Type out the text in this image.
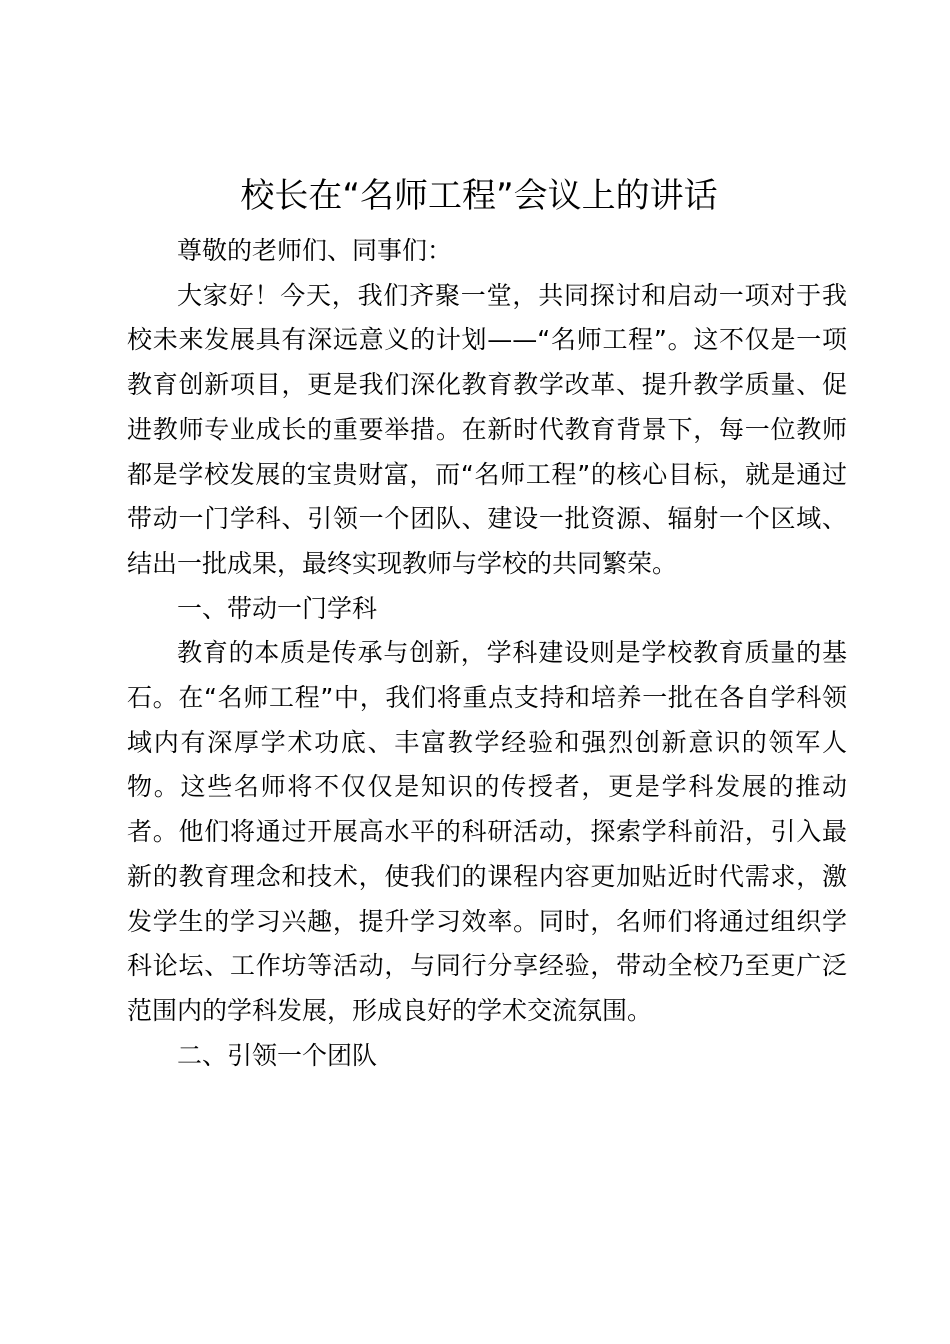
校长在“名师工程”会议上的讲话

尊敬的老师们、同事们：

大家好！今天，我们齐聚一堂，共同探讨和启动一项对于我校未来发展具有深远意义的计划——“名师工程”。这不仅是一项教育创新项目，更是我们深化教育教学改革、提升教学质量、促进教师专业成长的重要举措。在新时代教育背景下，每一位教师都是学校发展的宝贵财富，而“名师工程”的核心目标，就是通过带动一门学科、引领一个团队、建设一批资源、辐射一个区域、结出一批成果，最终实现教师与学校的共同繁荣。

一、带动一门学科

教育的本质是传承与创新，学科建设则是学校教育质量的基石。在“名师工程”中，我们将重点支持和培养一批在各自学科领域内有深厚学术功底、丰富教学经验和强烈创新意识的领军人物。这些名师将不仅仅是知识的传授者，更是学科发展的推动者。他们将通过开展高水平的科研活动，探索学科前沿，引入最新的教育理念和技术，使我们的课程内容更加贴近时代需求，激发学生的学习兴趣，提升学习效率。同时，名师们将通过组织学科论坛、工作坊等活动，与同行分享经验，带动全校乃至更广泛范围内的学科发展，形成良好的学术交流氛围。

二、引领一个团队
